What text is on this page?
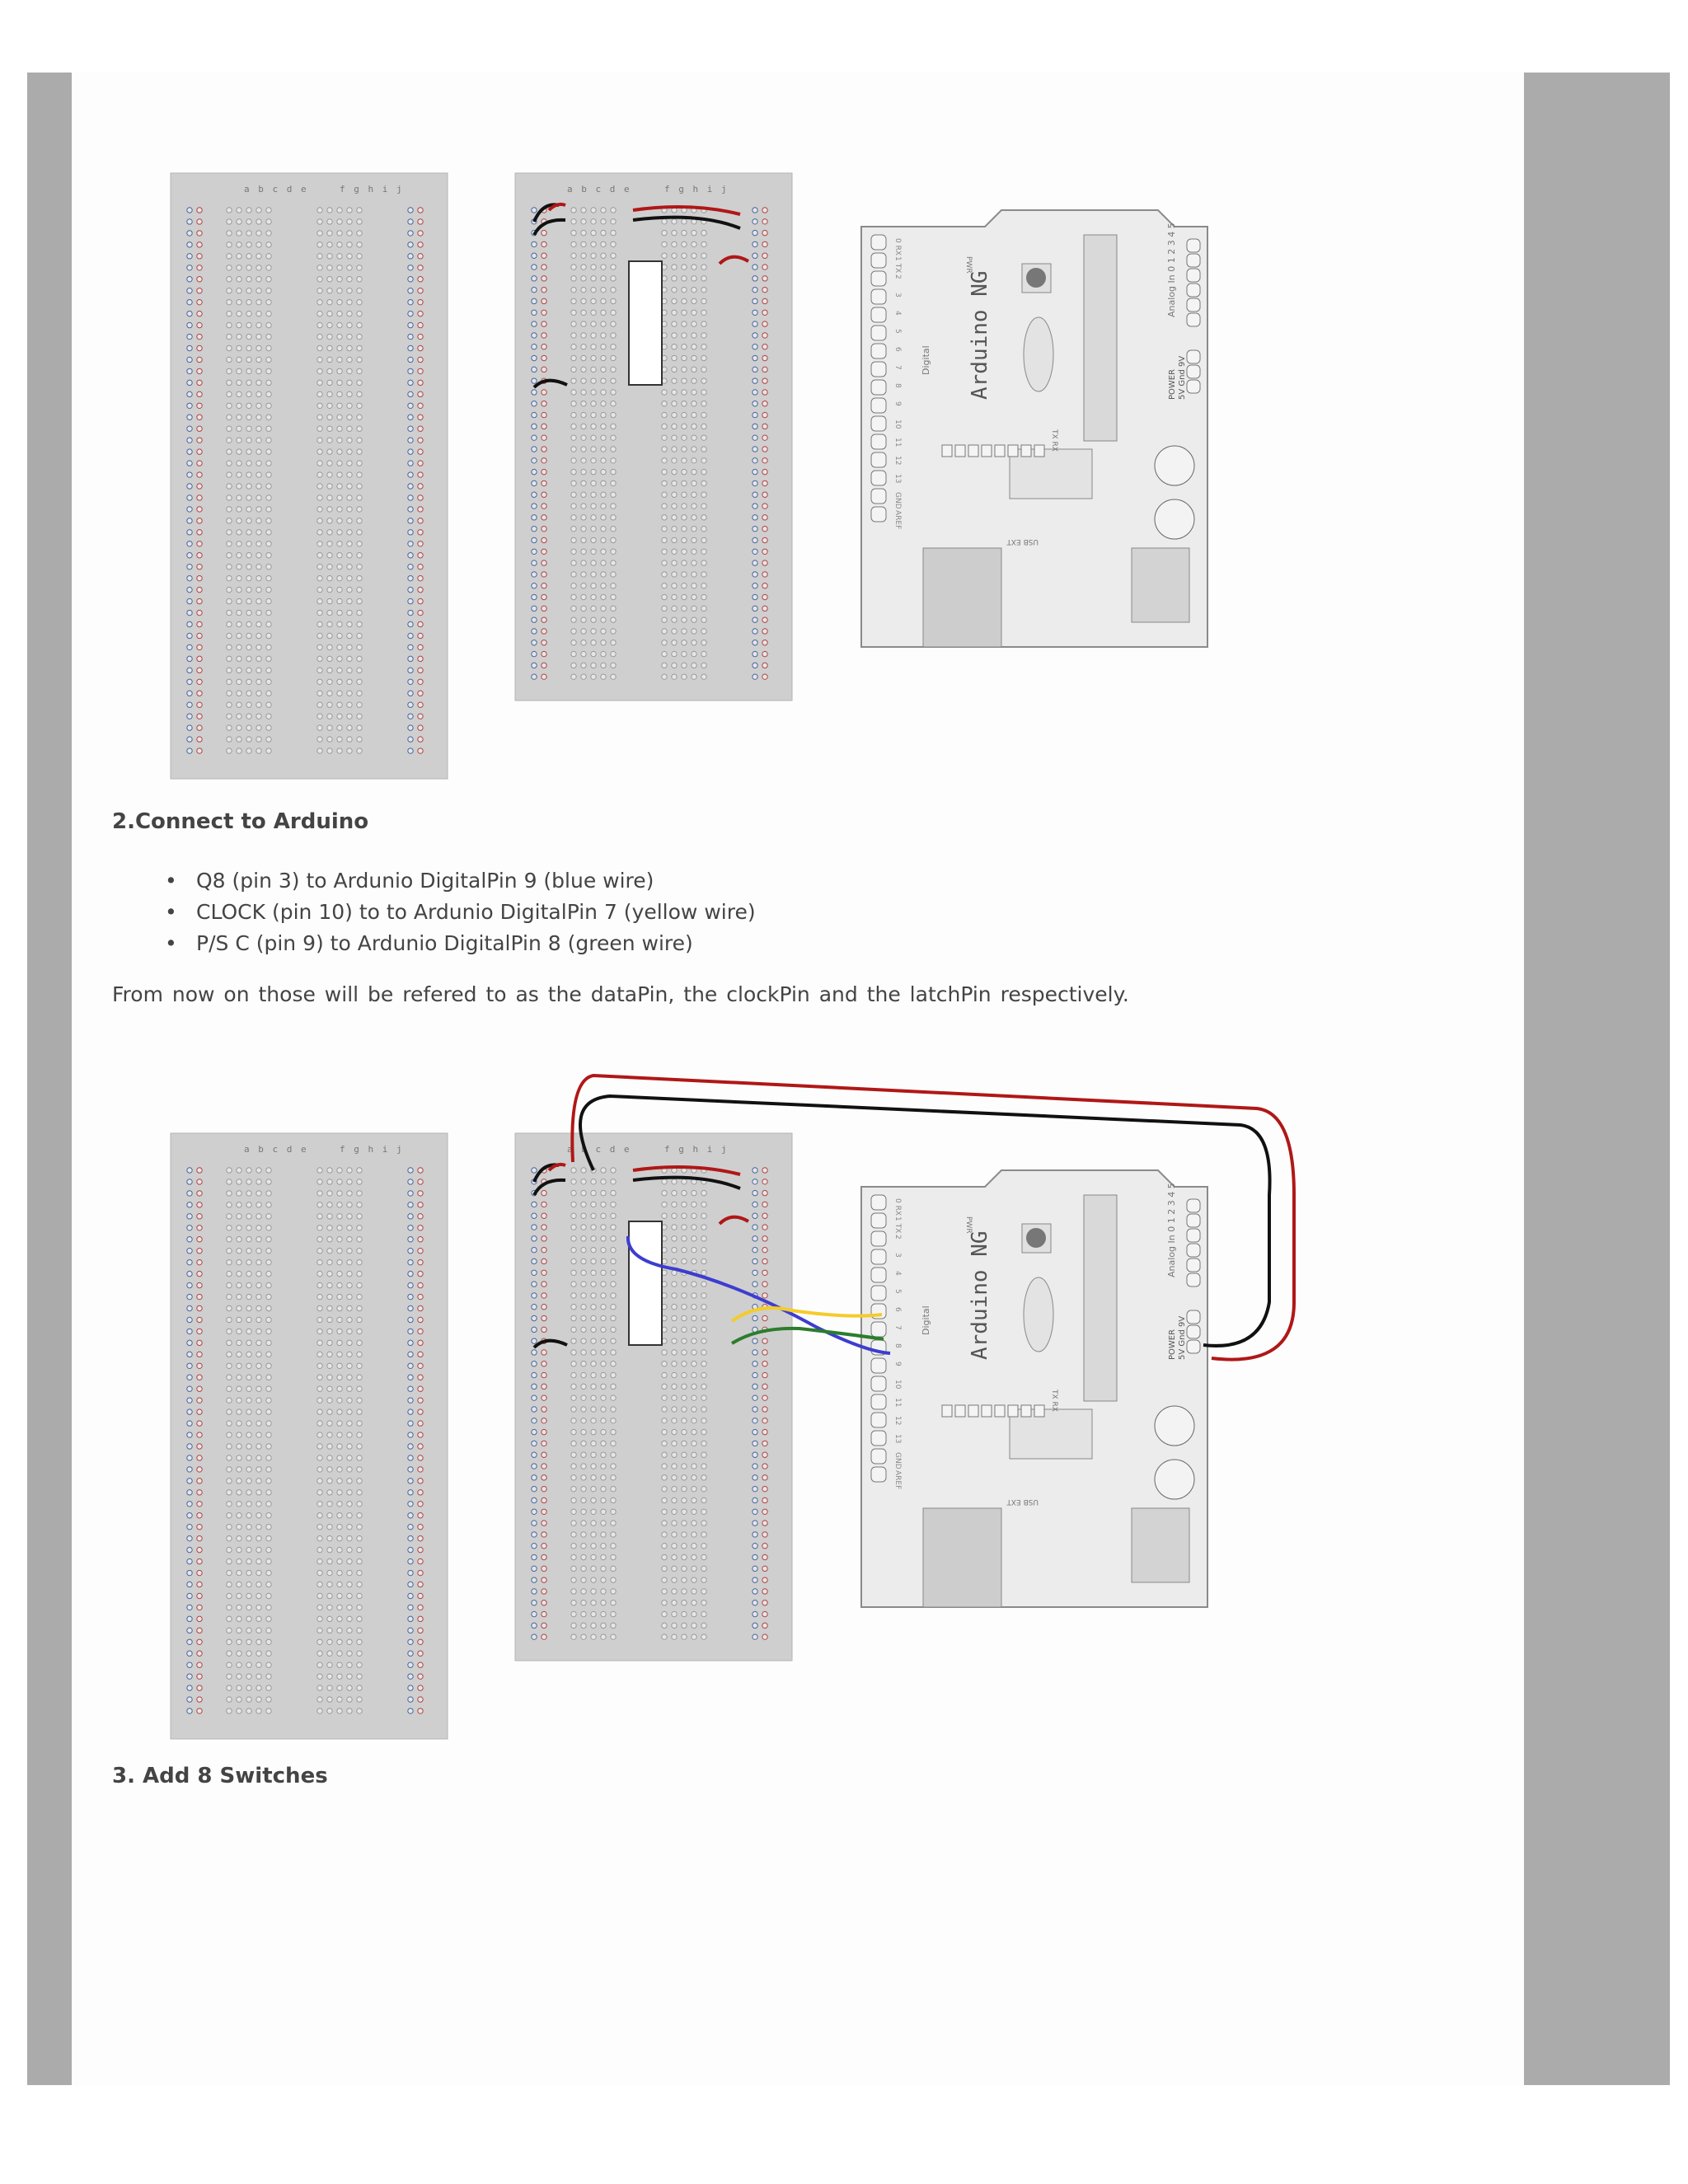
a b c d e	f g h i j	a b c d e	f g h i j
Arduino NG
Digital
Analog In 0 1 2 3 4 5
POWER 5V Gnd 9V
PWR
TX RX
USB EXT
0 RX
1 TX
2
3
4
5
6
7
8
9
10
11
12
13
GND
AREF
2.Connect to Arduino
• Q8 (pin 3) to Ardunio DigitalPin 9 (blue wire)
• CLOCK (pin 10) to to Ardunio DigitalPin 7 (yellow wire)
• P/S C (pin 9) to Ardunio DigitalPin 8 (green wire)

From now on those will be refered to as the dataPin, the clockPin and the latchPin respectively.

a b c d e	f g h i j	a b c d e	f g h i j
Arduino NG
Digital
Analog In 0 1 2 3 4 5
POWER 5V Gnd 9V
PWR
TX RX
USB EXT
0 RX
1 TX
2
3
4
5
6
7
8
9
10
11
12
13
GND
AREF
3. Add 8 Switches
